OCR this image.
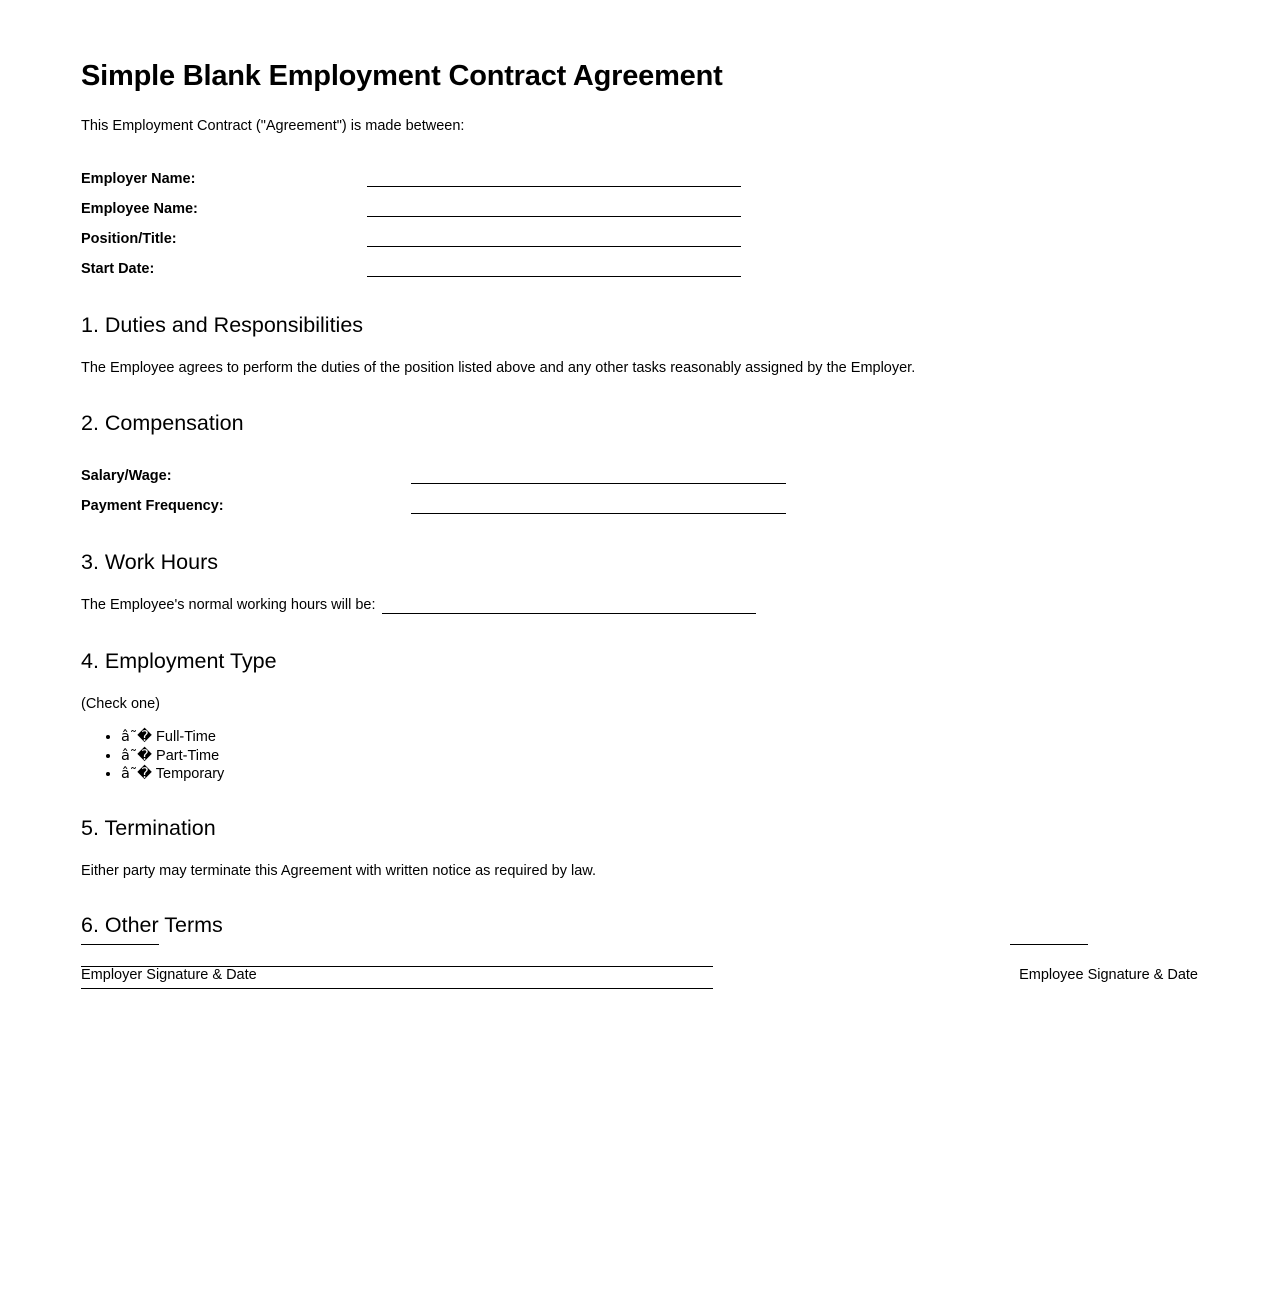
Simple Blank Employment Contract Agreement

This Employment Contract ("Agreement") is made between:

Employer Name:
Employee Name:
Position/Title:
Start Date:
1. Duties and Responsibilities

The Employee agrees to perform the duties of the position listed above and any other tasks reasonably assigned by the Employer.

2. Compensation
Salary/Wage:
Payment Frequency:
3. Work Hours
The Employee's normal working hours will be:
4. Employment Type

(Check one)

• â˜� Full-Time
• â˜� Part-Time
• â˜� Temporary
5. Termination

Either party may terminate this Agreement with written notice as required by law.

6. Other Terms
Employer Signature & Date	Employee Signature & Date
